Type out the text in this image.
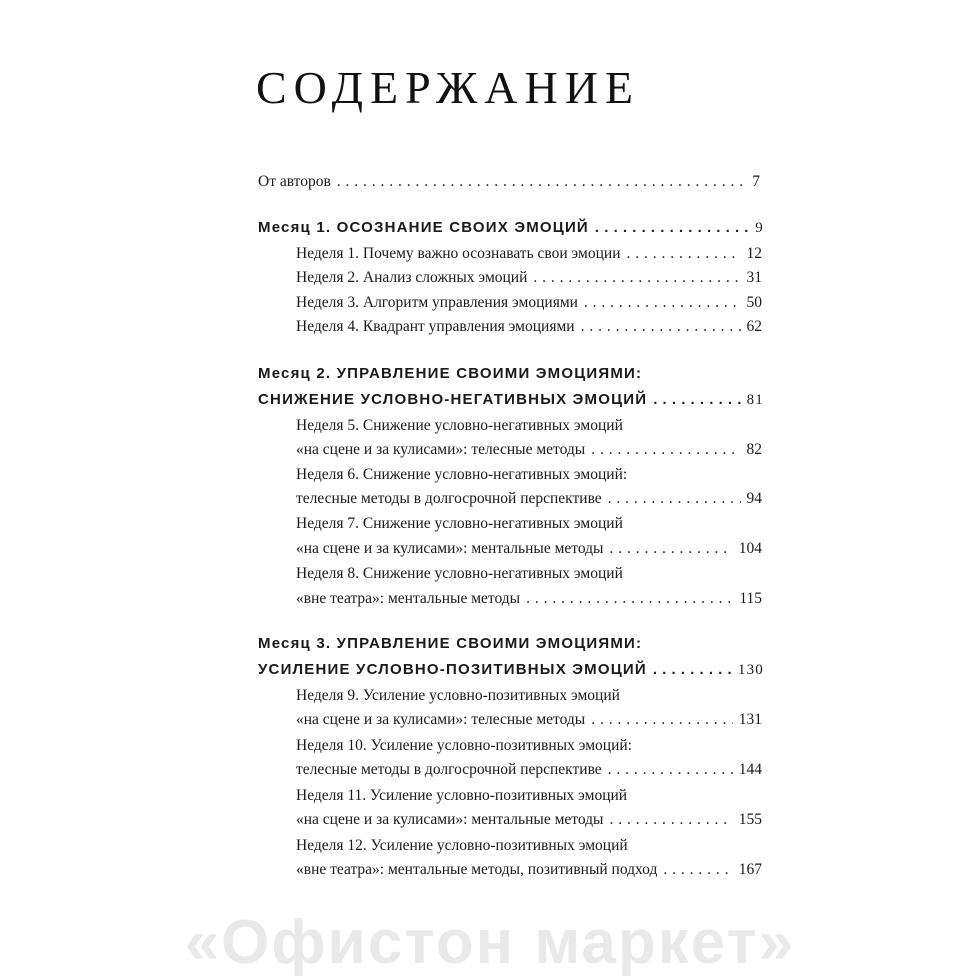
СОДЕРЖАНИЕ
От авторов . . .	7
Месяц 1. ОСОЗНАНИЕ СВОИХ ЭМОЦИЙ . . .	9
Неделя 1. Почему важно осознавать свои эмоции . . .	12
Неделя 2. Анализ сложных эмоций . . .	31
Неделя 3. Алгоритм управления эмоциями . . .	50
Неделя 4. Квадрант управления эмоциями . . .	62
Месяц 2. УПРАВЛЕНИЕ СВОИМИ ЭМОЦИЯМИ:
СНИЖЕНИЕ УСЛОВНО-НЕГАТИВНЫХ ЭМОЦИЙ . . .	81
Неделя 5. Снижение условно-негативных эмоций
«на сцене и за кулисами»: телесные методы . . .	82
Неделя 6. Снижение условно-негативных эмоций:
телесные методы в долгосрочной перспективе . . .	94
Неделя 7. Снижение условно-негативных эмоций
«на сцене и за кулисами»: ментальные методы . . .	104
Неделя 8. Снижение условно-негативных эмоций
«вне театра»: ментальные методы . . .	115
Месяц 3. УПРАВЛЕНИЕ СВОИМИ ЭМОЦИЯМИ:
УСИЛЕНИЕ УСЛОВНО-ПОЗИТИВНЫХ ЭМОЦИЙ . . .	130
Неделя 9. Усиление условно-позитивных эмоций
«на сцене и за кулисами»: телесные методы . . .	131
Неделя 10. Усиление условно-позитивных эмоций:
телесные методы в долгосрочной перспективе . . .	144
Неделя 11. Усиление условно-позитивных эмоций
«на сцене и за кулисами»: ментальные методы . . .	155
Неделя 12. Усиление условно-позитивных эмоций
«вне театра»: ментальные методы, позитивный подход . . .	167
«Офистон маркет»
